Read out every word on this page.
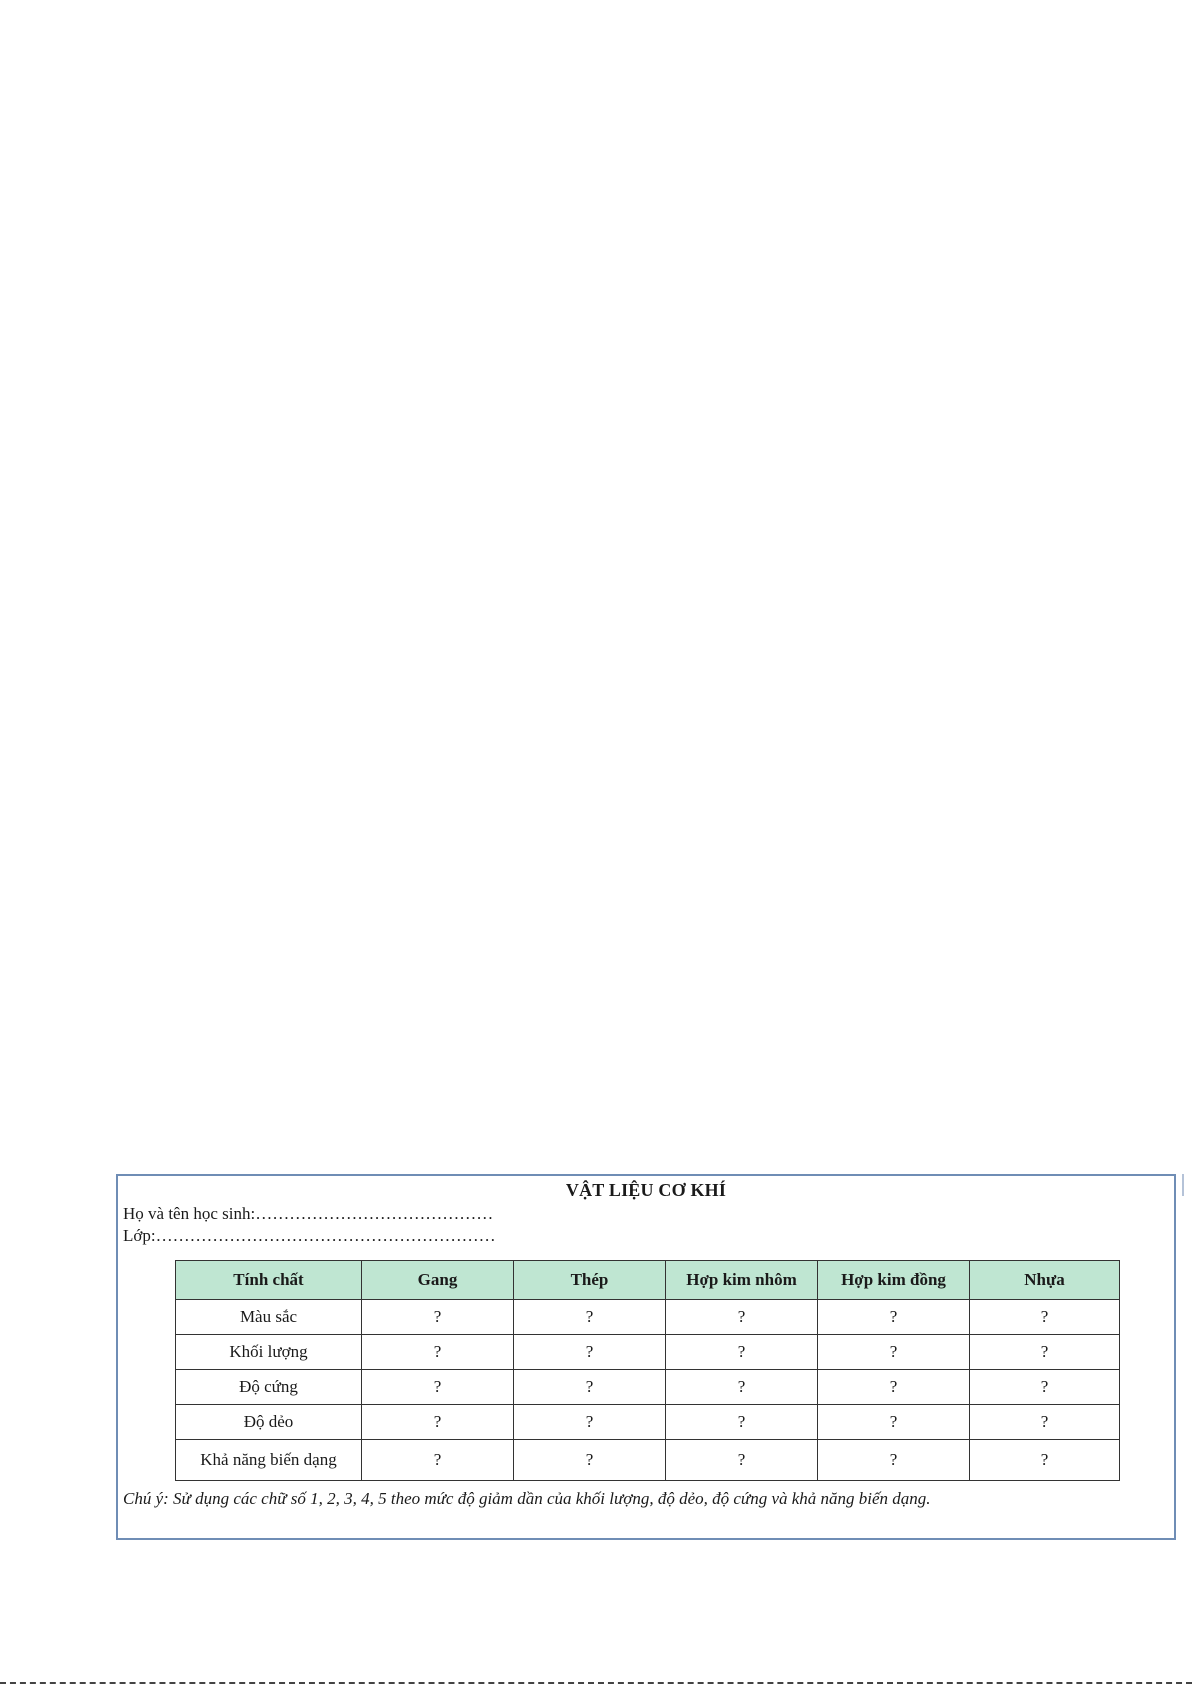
VẬT LIỆU CƠ KHÍ
Họ và tên học sinh:……………………………………
Lớp:……………………………………………………
Tính chất	Gang	Thép	Hợp kim nhôm	Hợp kim đồng	Nhựa
Màu sắc	?	?	?	?	?
Khối lượng	?	?	?	?	?
Độ cứng	?	?	?	?	?
Độ dẻo	?	?	?	?	?
Khả năng biến dạng	?	?	?	?	?
Chú ý: Sử dụng các chữ số 1, 2, 3, 4, 5 theo mức độ giảm dần của khối lượng, độ dẻo, độ cứng và khả năng biến dạng.
